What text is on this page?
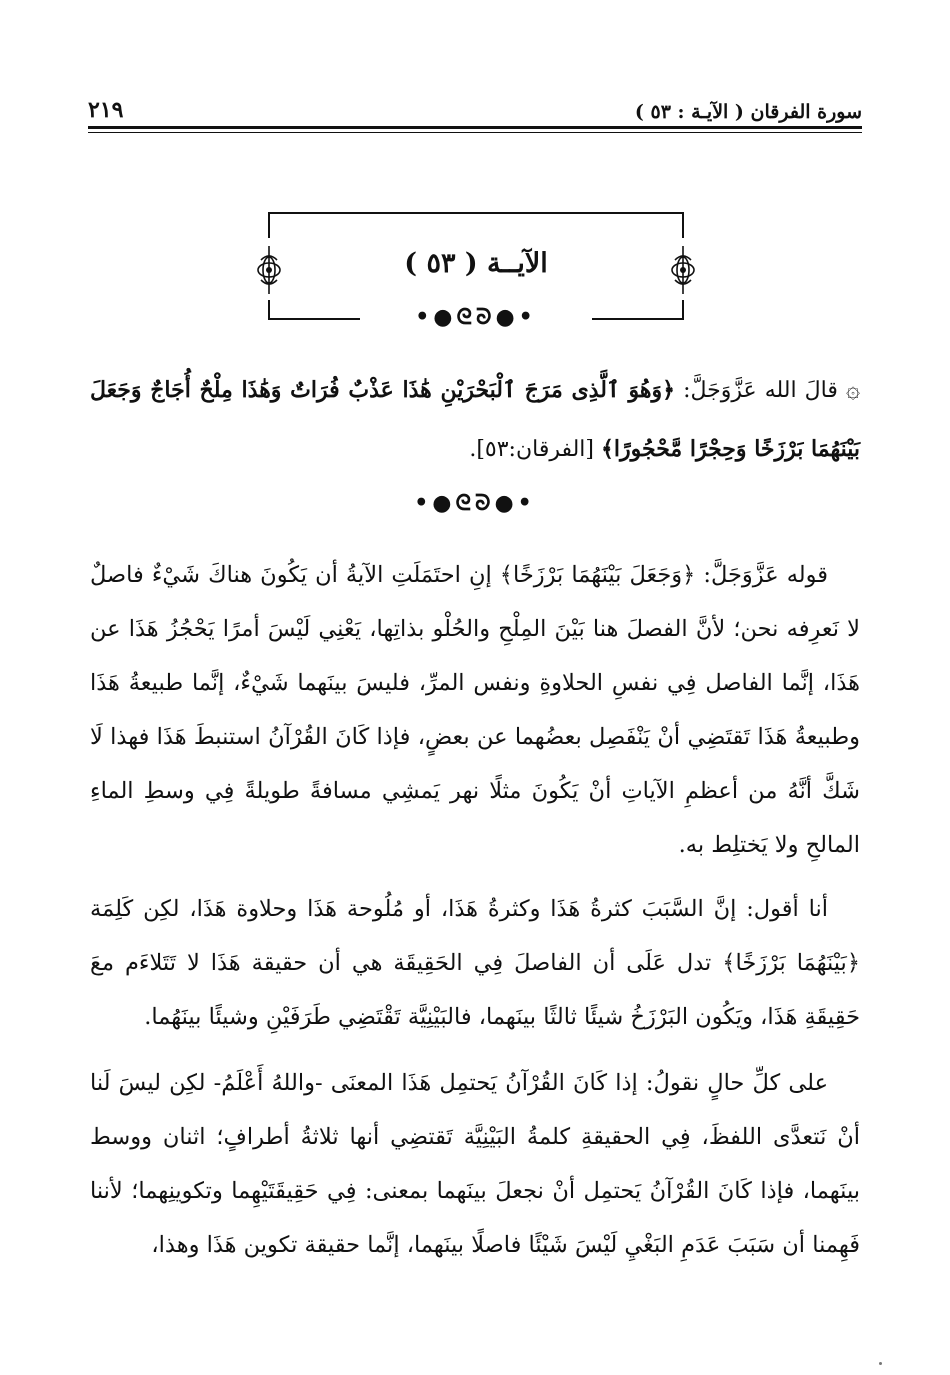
سورة الفرقان ( الآيـة : ٥٣ )
٢١٩
الآيــة ( ٥٣ )
•●ᘓᘐ●•
۞ قالَ الله عَزَّوَجَلَّ: ﴿وَهُوَ ٱلَّذِى مَرَجَ ٱلْبَحْرَيْنِ هَٰذَا عَذْبٌ فُرَاتٌ وَهَٰذَا مِلْحٌ أُجَاجٌ وَجَعَلَ بَيْنَهُمَا بَرْزَخًا وَحِجْرًا مَّحْجُورًا﴾ [الفرقان:٥٣].
•●ᘓᘐ●•

قوله عَزَّوَجَلَّ: ﴿وَجَعَلَ بَيْنَهُمَا بَرْزَخًا﴾ إنِ احتَمَلَتِ الآيةُ أن يَكُونَ هناكَ شَيْءٌ فاصلٌ لا نَعرِفه نحن؛ لأنَّ الفصلَ هنا بَيْنَ المِلْحِ والحُلْو بذاتِها، يَعْنِي لَيْسَ أمرًا يَحْجُزُ هَذَا عن هَذَا، إنَّما الفاصل فِي نفسِ الحلاوةِ ونفس المرِّ، فليسَ بينَهما شَيْءٌ، إنَّما طبيعةُ هَذَا وطبيعةُ هَذَا تَقتَضِي أنْ يَنْفَصِل بعضُهما عن بعضٍ، فإذا كَانَ القُرْآنُ استنبطَ هَذَا فهذا لَا شَكَّ أنَّهُ من أعظمِ الآياتِ أنْ يَكُونَ مثلًا نهر يَمشِي مسافةً طويلةً فِي وسطِ الماءِ المالحِ ولا يَختلِط به.

أنا أقول: إنَّ السَّبَبَ كثرةُ هَذَا وكثرةُ هَذَا، أو مُلُوحة هَذَا وحلاوة هَذَا، لكِن كَلِمَة ﴿بَيْنَهُمَا بَرْزَخًا﴾ تدل عَلَى أن الفاصلَ فِي الحَقِيقَة هي أن حقيقة هَذَا لا تَتَلاءَم معَ حَقِيقَةِ هَذَا، ويَكُون البَرْزَخُ شيئًا ثالثًا بينَهما، فالبَيْنِيَّة تَقْتَضِي طَرَفَيْنِ وشيئًا بينَهُما.

على كلِّ حالٍ نقولُ: إذا كَانَ القُرْآنُ يَحتمِل هَذَا المعنَى -واللهُ أَعْلَمُ- لكِن ليسَ لَنا أنْ نَتعدَّى اللفظَ، فِي الحقيقةِ كلمةُ البَيْنِيَّة تَقتضِي أنها ثلاثةُ أطرافٍ؛ اثنان ووسط بينَهما، فإذا كَانَ القُرْآنُ يَحتمِل أنْ نجعلَ بينَهما بمعنى: فِي حَقِيقَتَيْهِما وتكوينِهما؛ لأننا فَهِمنا أن سَبَبَ عَدَمِ البَغْيِ لَيْسَ شَيْئًا فاصلًا بينَهما، إنَّما حقيقة تكوين هَذَا وهذا،
